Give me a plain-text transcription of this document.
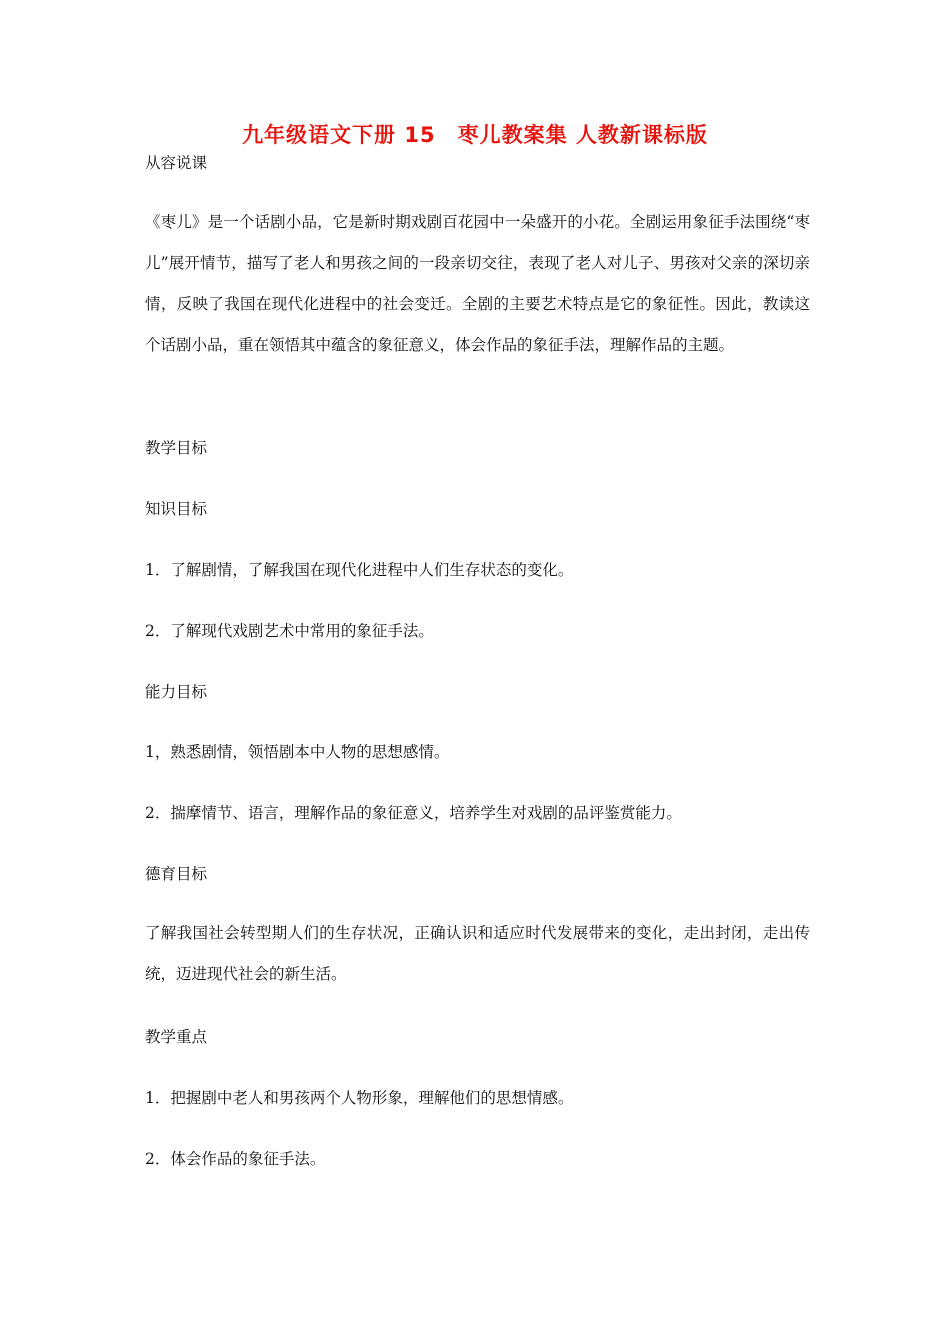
九年级语文下册 15　枣儿教案集 人教新课标版
从容说课
《枣儿》是一个话剧小品，它是新时期戏剧百花园中一朵盛开的小花。全剧运用象征手法围绕“枣儿”展开情节，描写了老人和男孩之间的一段亲切交往，表现了老人对儿子、男孩对父亲的深切亲情，反映了我国在现代化进程中的社会变迁。全剧的主要艺术特点是它的象征性。因此，教读这个话剧小品，重在领悟其中蕴含的象征意义，体会作品的象征手法，理解作品的主题。
教学目标
知识目标
1．了解剧情，了解我国在现代化进程中人们生存状态的变化。
2．了解现代戏剧艺术中常用的象征手法。
能力目标
1，熟悉剧情，领悟剧本中人物的思想感情。
2．揣摩情节、语言，理解作品的象征意义，培养学生对戏剧的品评鉴赏能力。
德育目标
了解我国社会转型期人们的生存状况，正确认识和适应时代发展带来的变化，走出封闭，走出传统，迈进现代社会的新生活。
教学重点
1．把握剧中老人和男孩两个人物形象，理解他们的思想情感。
2．体会作品的象征手法。
